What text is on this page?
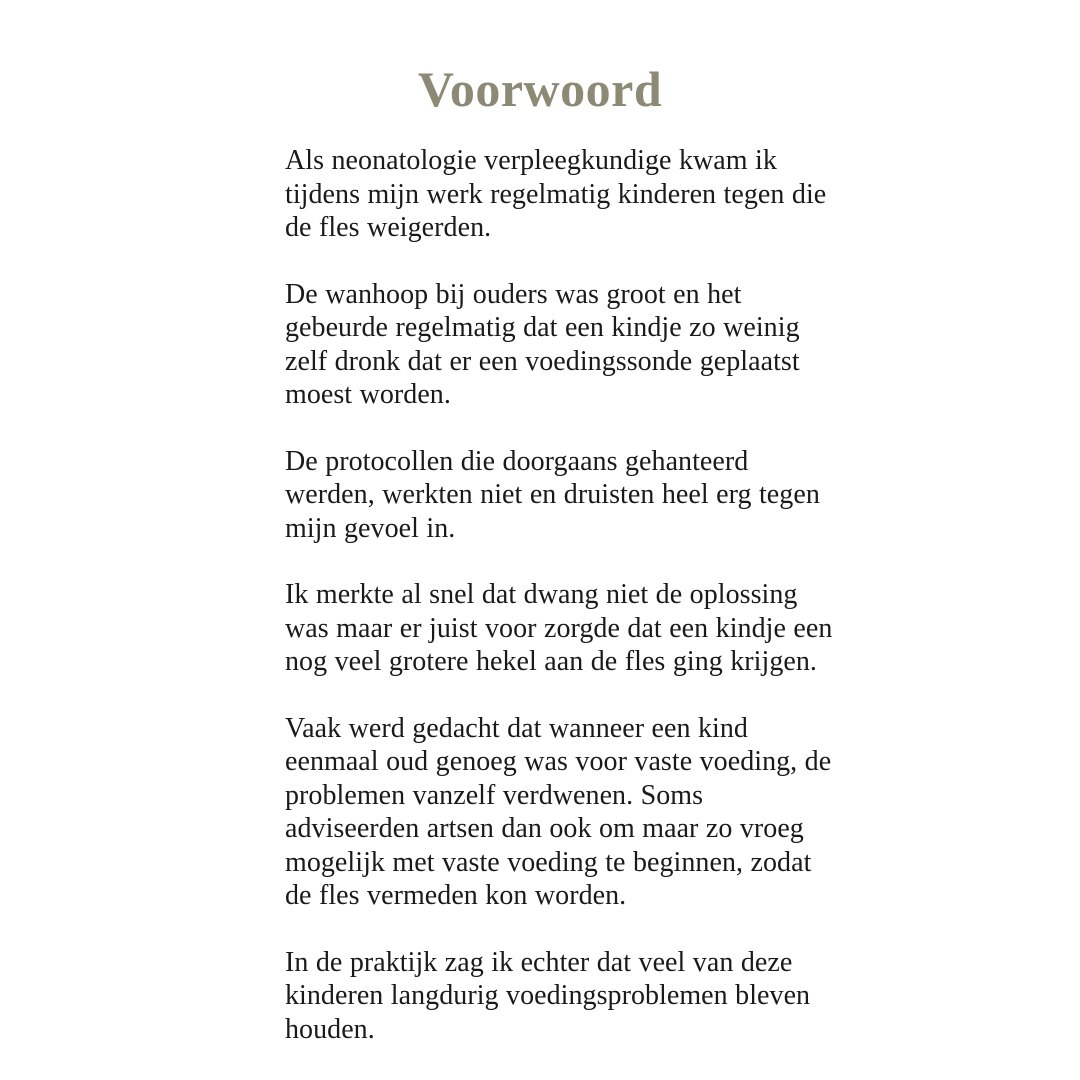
Voorwoord

Als neonatologie verpleegkundige kwam ik tijdens mijn werk regelmatig kinderen tegen die de fles weigerden.

De wanhoop bij ouders was groot en het gebeurde regelmatig dat een kindje zo weinig zelf dronk dat er een voedingssonde geplaatst moest worden.

De protocollen die doorgaans gehanteerd werden, werkten niet en druisten heel erg tegen mijn gevoel in.

Ik merkte al snel dat dwang niet de oplossing was maar er juist voor zorgde dat een kindje een nog veel grotere hekel aan de fles ging krijgen.

Vaak werd gedacht dat wanneer een kind eenmaal oud genoeg was voor vaste voeding, de problemen vanzelf verdwenen. Soms adviseerden artsen dan ook om maar zo vroeg mogelijk met vaste voeding te beginnen, zodat de fles vermeden kon worden.

In de praktijk zag ik echter dat veel van deze kinderen langdurig voedingsproblemen bleven houden.
